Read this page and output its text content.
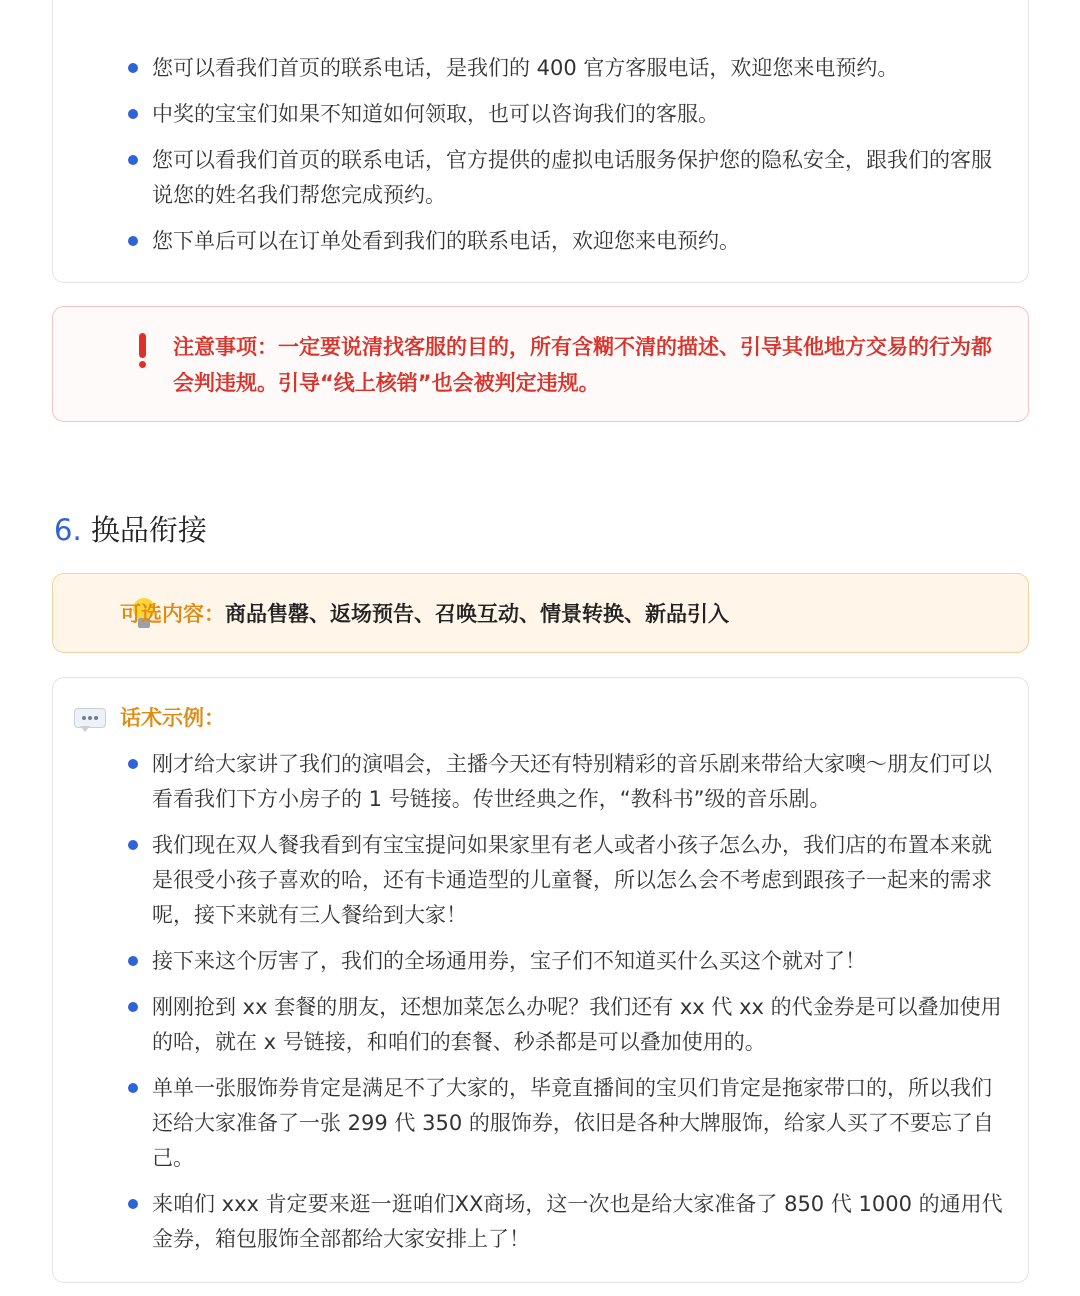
您可以看我们首页的联系电话，是我们的 400 官方客服电话，欢迎您来电预约。
中奖的宝宝们如果不知道如何领取，也可以咨询我们的客服。
您可以看我们首页的联系电话，官方提供的虚拟电话服务保护您的隐私安全，跟我们的客服说您的姓名我们帮您完成预约。
您下单后可以在订单处看到我们的联系电话，欢迎您来电预约。
注意事项：一定要说清找客服的目的，所有含糊不清的描述、引导其他地方交易的行为都会判违规。引导“线上核销”也会被判定违规。
6. 换品衔接
可选内容：商品售罄、返场预告、召唤互动、情景转换、新品引入
刚才给大家讲了我们的演唱会，主播今天还有特别精彩的音乐剧来带给大家噢～朋友们可以看看我们下方小房子的 1 号链接。传世经典之作，“教科书”级的音乐剧。
我们现在双人餐我看到有宝宝提问如果家里有老人或者小孩子怎么办，我们店的布置本来就是很受小孩子喜欢的哈，还有卡通造型的儿童餐，所以怎么会不考虑到跟孩子一起来的需求呢，接下来就有三人餐给到大家！
接下来这个厉害了，我们的全场通用券，宝子们不知道买什么买这个就对了！
刚刚抢到 xx 套餐的朋友，还想加菜怎么办呢？我们还有 xx 代 xx 的代金券是可以叠加使用的哈，就在 x 号链接，和咱们的套餐、秒杀都是可以叠加使用的。
单单一张服饰券肯定是满足不了大家的，毕竟直播间的宝贝们肯定是拖家带口的，所以我们还给大家准备了一张 299 代 350 的服饰券，依旧是各种大牌服饰，给家人买了不要忘了自己。
来咱们 xxx 肯定要来逛一逛咱们XX商场，这一次也是给大家准备了 850 代 1000 的通用代金券，箱包服饰全部都给大家安排上了！
话术示例：
